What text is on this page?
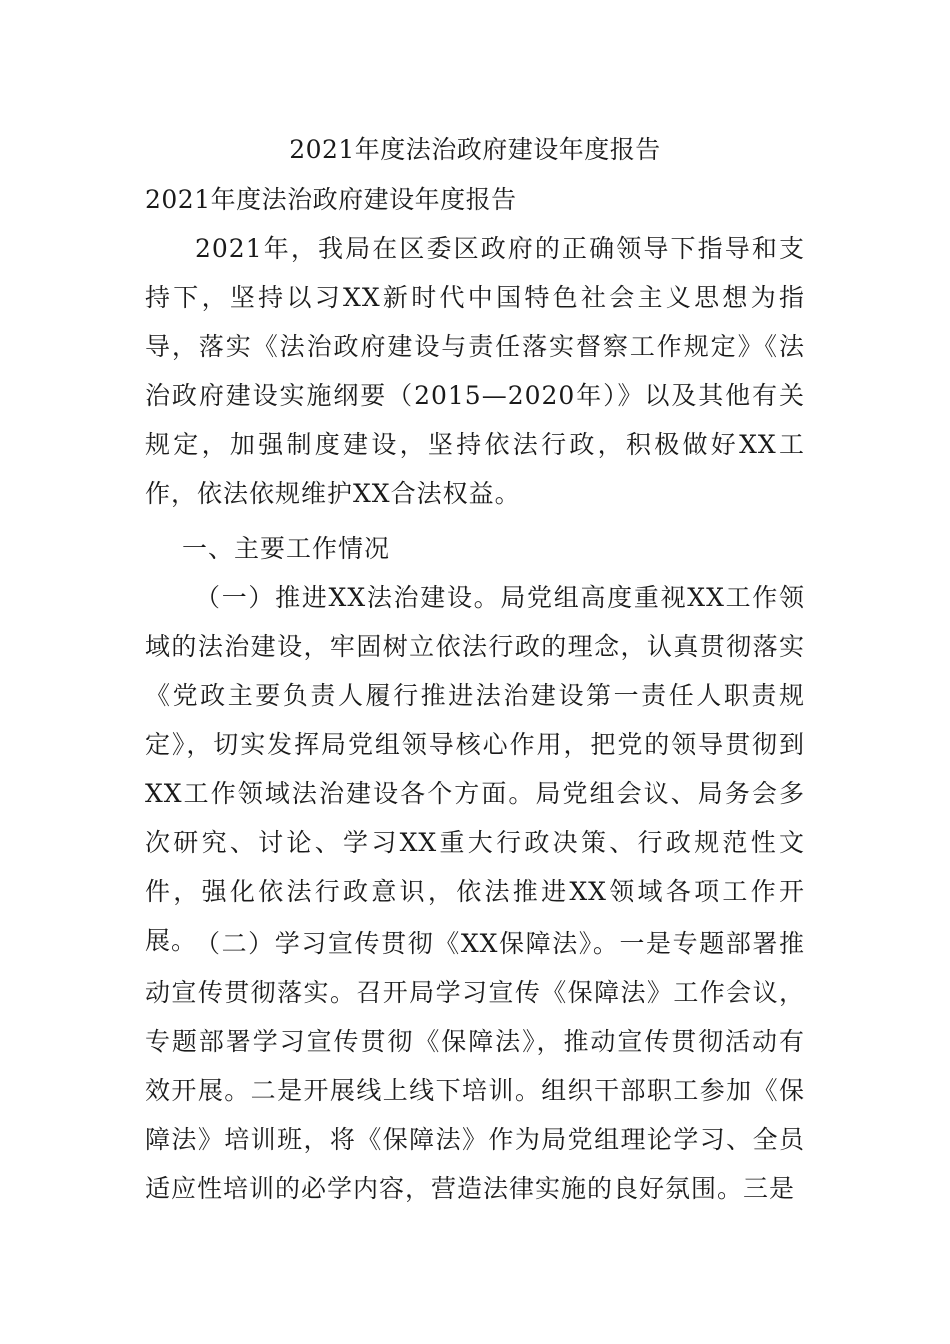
2021年度法治政府建设年度报告
2021年度法治政府建设年度报告

2021年，我局在区委区政府的正确领导下指导和支持下，坚持以习XX新时代中国特色社会主义思想为指导，落实《法治政府建设与责任落实督察工作规定》《法治政府建设实施纲要（2015—2020年）》以及其他有关规定，加强制度建设，坚持依法行政，积极做好XX工作，依法依规维护XX合法权益。

一、主要工作情况

（一）推进XX法治建设。局党组高度重视XX工作领域的法治建设，牢固树立依法行政的理念，认真贯彻落实《党政主要负责人履行推进法治建设第一责任人职责规定》，切实发挥局党组领导核心作用，把党的领导贯彻到XX工作领域法治建设各个方面。局党组会议、局务会多次研究、讨论、学习XX重大行政决策、行政规范性文件，强化依法行政意识，依法推进XX领域各项工作开展。

（二）学习宣传贯彻《XX保障法》。一是专题部署推动宣传贯彻落实。召开局学习宣传《保障法》工作会议，专题部署学习宣传贯彻《保障法》，推动宣传贯彻活动有效开展。二是开展线上线下培训。组织干部职工参加《保障法》培训班，将《保障法》作为局党组理论学习、全员适应性培训的必学内容，营造法律实施的良好氛围。三是
